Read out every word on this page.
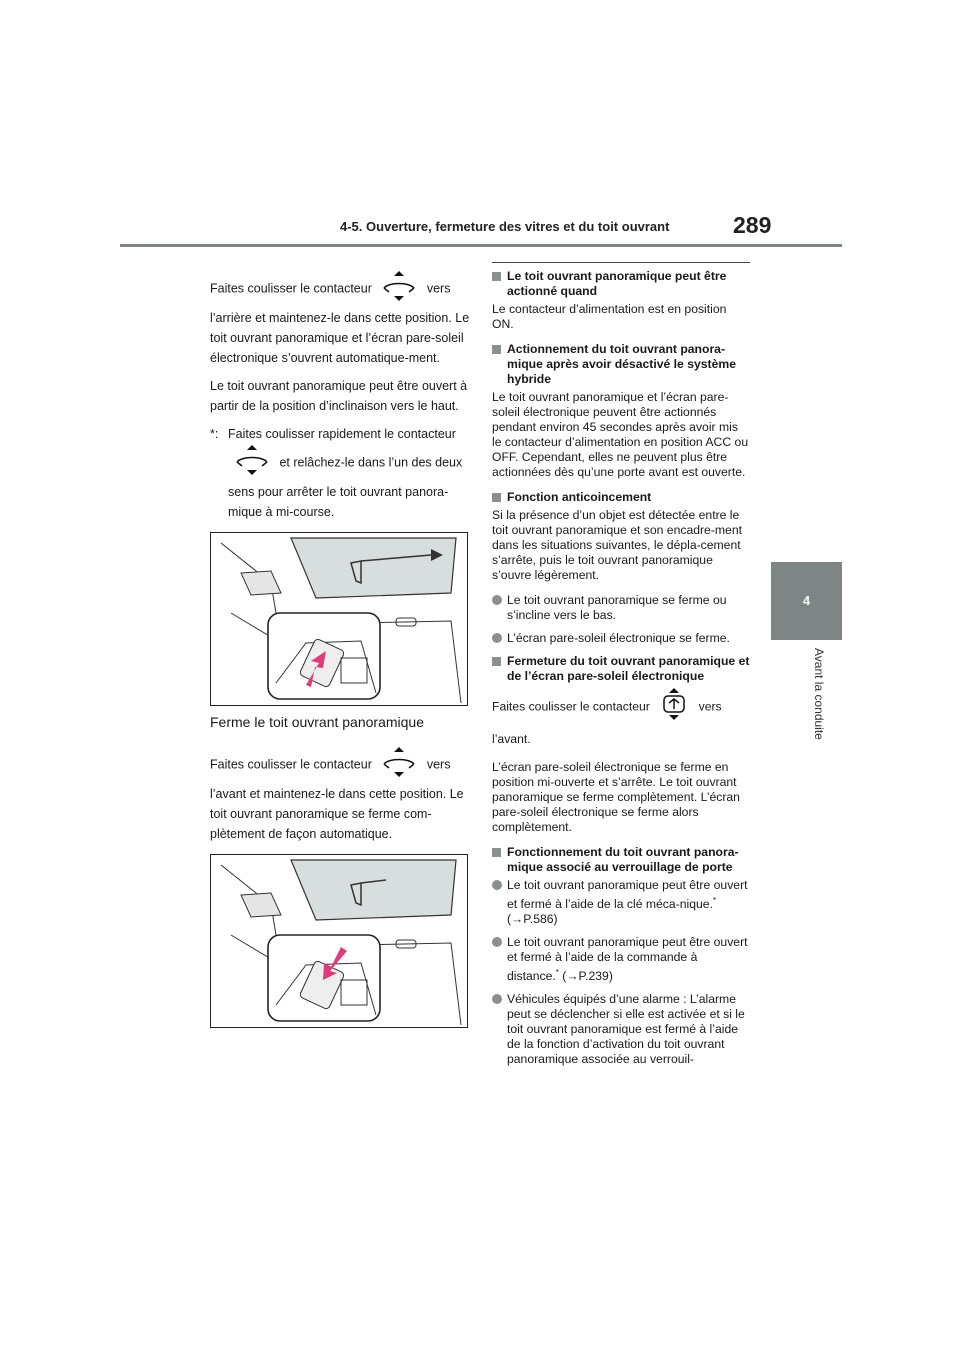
4-5. Ouverture, fermeture des vitres et du toit ouvrant	289
4
Avant la conduite

Faites coulisser le contacteur	vers l’arrière et maintenez-le dans cette position. Le toit ouvrant panoramique et l’écran pare-soleil électronique s’ouvrent automatique-ment.

Le toit ouvrant panoramique peut être ouvert à partir de la position d’inclinaison vers le haut.

*: Faites coulisser rapidement le contacteur
et relâchez-le dans l’un des deux sens pour arrêter le toit ouvrant panora-mique à mi-course.
Ferme le toit ouvrant panoramique

Faites coulisser le contacteur	vers l’avant et maintenez-le dans cette position. Le toit ouvrant panoramique se ferme com-plètement de façon automatique.

Le toit ouvrant panoramique peut être actionné quand
Le contacteur d’alimentation est en position ON.
Actionnement du toit ouvrant panora-mique après avoir désactivé le système hybride
Le toit ouvrant panoramique et l’écran pare-soleil électronique peuvent être actionnés pendant environ 45 secondes après avoir mis le contacteur d’alimentation en position ACC ou OFF. Cependant, elles ne peuvent plus être actionnées dès qu’une porte avant est ouverte.
Fonction anticoincement
Si la présence d’un objet est détectée entre le toit ouvrant panoramique et son encadre-ment dans les situations suivantes, le dépla-cement s’arrête, puis le toit ouvrant panoramique s’ouvre légèrement.
Le toit ouvrant panoramique se ferme ou s’incline vers le bas.
L’écran pare-soleil électronique se ferme.
Fermeture du toit ouvrant panoramique et de l’écran pare-soleil électronique
Faites coulisser le contacteur	vers
l’avant.
L’écran pare-soleil électronique se ferme en position mi-ouverte et s’arrête. Le toit ouvrant panoramique se ferme complètement. L’écran pare-soleil électronique se ferme alors complètement.
Fonctionnement du toit ouvrant panora-mique associé au verrouillage de porte
Le toit ouvrant panoramique peut être ouvert et fermé à l’aide de la clé méca-nique.* (→P.586)
Le toit ouvrant panoramique peut être ouvert et fermé à l’aide de la commande à distance.* (→P.239)
Véhicules équipés d’une alarme : L’alarme peut se déclencher si elle est activée et si le toit ouvrant panoramique est fermé à l’aide de la fonction d’activation du toit ouvrant panoramique associée au verrouil-
